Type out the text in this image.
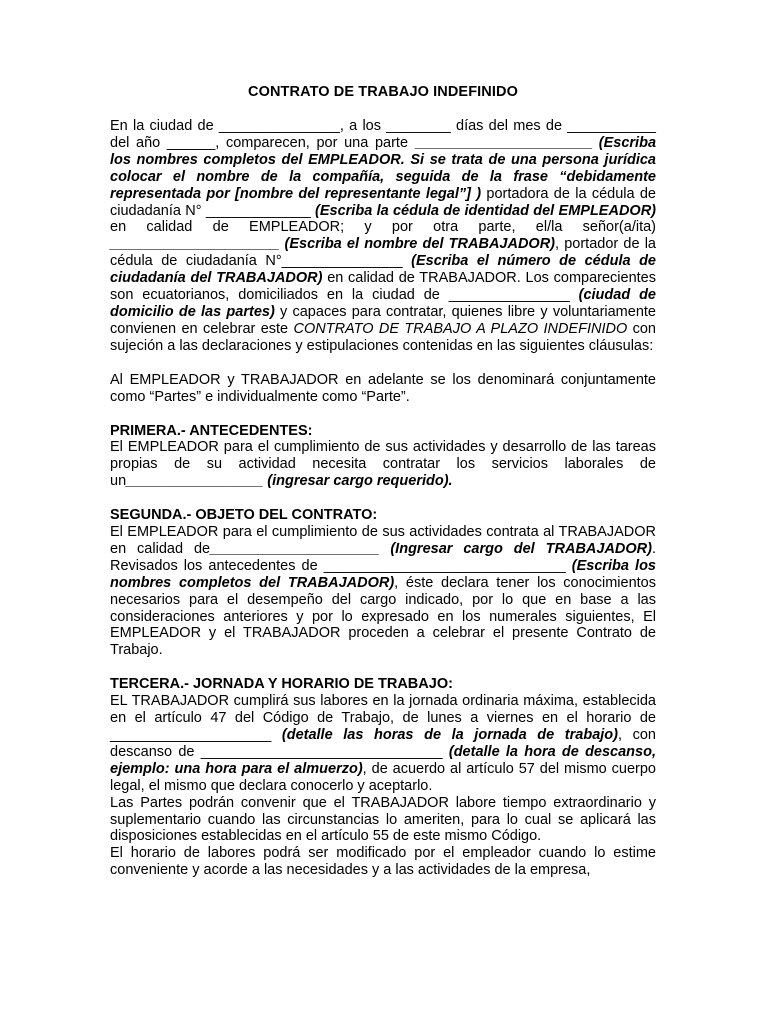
CONTRATO DE TRABAJO INDEFINIDO

En la ciudad de _______________, a los ________ días del mes de ___________ del año ______, comparecen, por una parte ______________________ (Escriba los nombres completos del EMPLEADOR. Si se trata de una persona jurídica colocar el nombre de la compañía, seguida de la frase “debidamente representada por [nombre del representante legal”] ) portadora de la cédula de ciudadanía N° _____________ (Escriba la cédula de identidad del EMPLEADOR) en calidad de EMPLEADOR; y por otra parte, el/la señor(a/ita) _____________________ (Escriba el nombre del TRABAJADOR), portador de la cédula de ciudadanía N°_______________ (Escriba el número de cédula de ciudadanía del TRABAJADOR) en calidad de TRABAJADOR. Los comparecientes son ecuatorianos, domiciliados en la ciudad de _______________ (ciudad de domicilio de las partes) y capaces para contratar, quienes libre y voluntariamente convienen en celebrar este CONTRATO DE TRABAJO A PLAZO INDEFINIDO con sujeción a las declaraciones y estipulaciones contenidas en las siguientes cláusulas:

Al EMPLEADOR y TRABAJADOR en adelante se los denominará conjuntamente como “Partes” e individualmente como “Parte”.

PRIMERA.- ANTECEDENTES:

El EMPLEADOR para el cumplimiento de sus actividades y desarrollo de las tareas propias de su actividad necesita contratar los servicios laborales de un_________________ (ingresar cargo requerido).

SEGUNDA.- OBJETO DEL CONTRATO:

El EMPLEADOR para el cumplimiento de sus actividades contrata al TRABAJADOR en calidad de_____________________ (Ingresar cargo del TRABAJADOR). Revisados los antecedentes de ______________________________ (Escriba los nombres completos del TRABAJADOR), éste declara tener los conocimientos necesarios para el desempeño del cargo indicado, por lo que en base a las consideraciones anteriores y por lo expresado en los numerales siguientes, El EMPLEADOR y el TRABAJADOR proceden a celebrar el presente Contrato de Trabajo.

TERCERA.- JORNADA Y HORARIO DE TRABAJO:

EL TRABAJADOR cumplirá sus labores en la jornada ordinaria máxima, establecida en el artículo 47 del Código de Trabajo, de lunes a viernes en el horario de ____________________ (detalle las horas de la jornada de trabajo), con descanso de ______________________________ (detalle la hora de descanso, ejemplo: una hora para el almuerzo), de acuerdo al artículo 57 del mismo cuerpo legal, el mismo que declara conocerlo y aceptarlo.

Las Partes podrán convenir que el TRABAJADOR labore tiempo extraordinario y suplementario cuando las circunstancias lo ameriten, para lo cual se aplicará las disposiciones establecidas en el artículo 55 de este mismo Código.

El horario de labores podrá ser modificado por el empleador cuando lo estime conveniente y acorde a las necesidades y a las actividades de la empresa,
